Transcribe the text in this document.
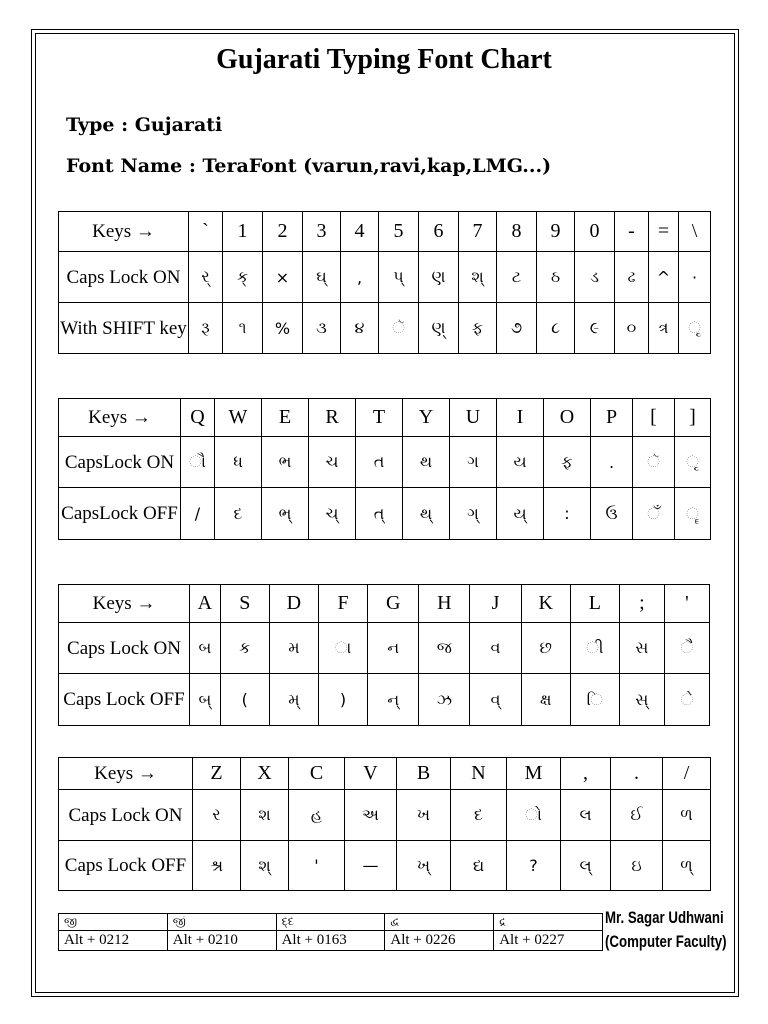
Gujarati Typing Font Chart
Type : Gujarati
Font Name : TeraFont (varun,ravi,kap,LMG...)
Keys →	`	1	2	3	4	5	6	7	8	9	0	-	=	\
Caps Lock ON	ર્	ક્	×	ઘ્	,	પ્	ણ	શ્	ટ	ઠ	ડ	ઢ	^	·
With SHIFT key	રૂ	૧	%	૩	૪	ૅ	ણ્	ફ	૭	૮	૯	૦	ત્ર	ૃ
Keys →	Q	W	E	R	T	Y	U	I	O	P	[	]
CapsLock ON	ૌ	ધ	ભ	ચ	ત	થ	ગ	ય	ફ	.	ૅ	ૃ
CapsLock OFF	/	દ	ભ્	ચ્	ત્	થ્	ગ્	ય્	:	ઉ	ઁ	ૄ
Keys →	A	S	D	F	G	H	J	K	L	;	'
Caps Lock ON	બ	ક	મ	ા	ન	જ	વ	છ	ી	સ	ૈ
Caps Lock OFF	બ્	(	મ્	)	ન્	ઝ	વ્	ક્ષ	િ	સ્	ે
Keys →	Z	X	C	V	B	N	M	,	.	/
Caps Lock ON	ર	શ	હ	અ	ખ	દ	ો	લ	ઈ	ળ
Caps Lock OFF	શ્ર	શ્	'	—	ખ્	દ્ય	?	લ્	ઇ	ળ્
જી	જીં	દ્દ	દ્વ	દ્ર
Alt + 0212	Alt + 0210	Alt + 0163	Alt + 0226	Alt + 0227
Mr. Sagar Udhwani
(Computer Faculty)
